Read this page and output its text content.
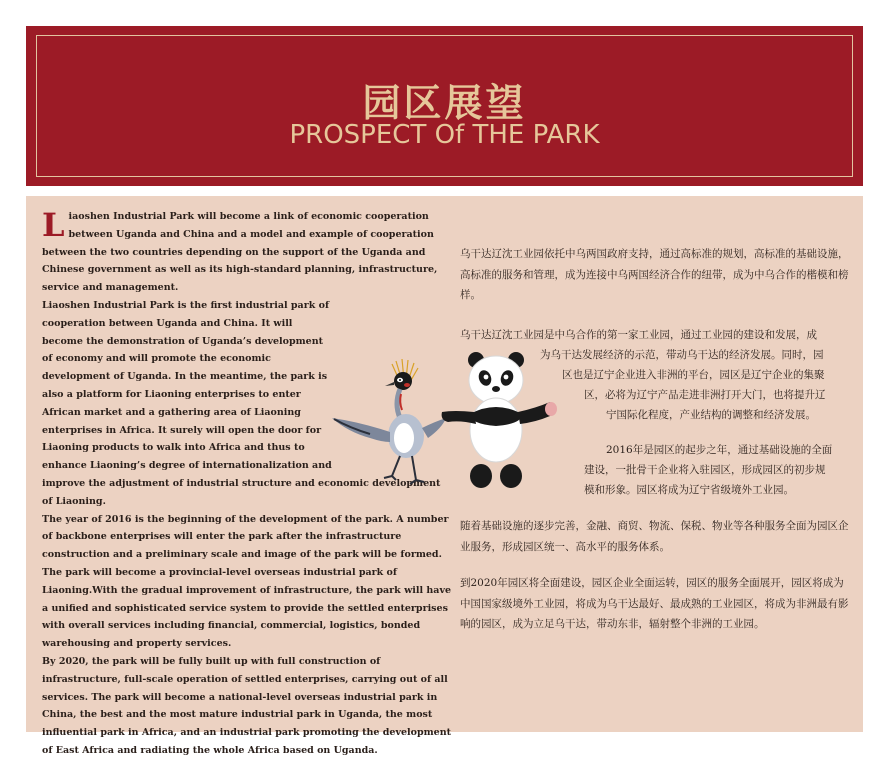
园区展望
PROSPECT Of THE PARK
L iaoshen Industrial Park will become a link of economic cooperation between Uganda and China and a model and example of cooperation between the two countries depending on the support of the Uganda and Chinese government as well as its high-standard planning, infrastructure, service and management.
Liaoshen Industrial Park is the first industrial park of cooperation between Uganda and China. It will become the demonstration of Uganda’s development of economy and will promote the economic development of Uganda. In the meantime, the park is also a platform for Liaoning enterprises to enter African market and a gathering area of Liaoning enterprises in Africa. It surely will open the door for Liaoning products to walk into Africa and thus to enhance Liaoning’s degree of internationalization and improve the adjustment of industrial structure and economic development of Liaoning.
The year of 2016 is the beginning of the development of the park. A number of backbone enterprises will enter the park after the infrastructure construction and a preliminary scale and image of the park will be formed. The park will become a provincial-level overseas industrial park of Liaoning.With the gradual improvement of infrastructure, the park will have a unified and sophisticated service system to provide the settled enterprises with overall services including financial, commercial, logistics, bonded warehousing and property services.
By 2020, the park will be fully built up with full construction of infrastructure, full-scale operation of settled enterprises, carrying out of all services. The park will become a national-level overseas industrial park in China, the best and the most mature industrial park in Uganda, the most influential park in Africa, and an industrial park promoting the development of East Africa and radiating the whole Africa based on Uganda.
乌干达辽沈工业园依托中乌两国政府支持，通过高标准的规划，高标准的基础设施，高标准的服务和管理，成为连接中乌两国经济合作的纽带，成为中乌合作的楷模和榜样。
乌干达辽沈工业园是中乌合作的第一家工业园，通过工业园的建设和发展，成
为乌干达发展经济的示范，带动乌干达的经济发展。同时，园
区也是辽宁企业进入非洲的平台，园区是辽宁企业的集聚
区，必将为辽宁产品走进非洲打开大门，也将提升辽
宁国际化程度，产业结构的调整和经济发展。
2016年是园区的起步之年，通过基础设施的全面
建设，一批骨干企业将入驻园区，形成园区的初步规
模和形象。园区将成为辽宁省级境外工业园。
随着基础设施的逐步完善，金融、商贸、物流、保税、物业等各种服务全面为园区企业服务，形成园区统一、高水平的服务体系。
到2020年园区将全面建设，园区企业全面运转，园区的服务全面展开，园区将成为中国国家级境外工业园，将成为乌干达最好、最成熟的工业园区，将成为非洲最有影响的园区，成为立足乌干达，带动东非，辐射整个非洲的工业园。
